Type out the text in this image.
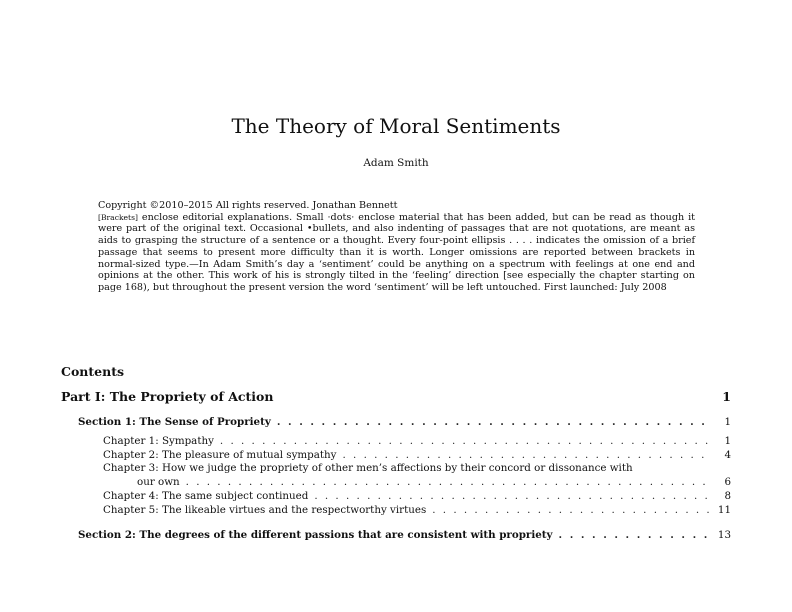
The Theory of Moral Sentiments
Adam Smith
Copyright ©2010–2015 All rights reserved. Jonathan Bennett
[Brackets] enclose editorial explanations. Small ·dots· enclose material that has been added, but can be read as though it were part of the original text. Occasional •bullets, and also indenting of passages that are not quotations, are meant as aids to grasping the structure of a sentence or a thought. Every four-point ellipsis . . . . indicates the omission of a brief passage that seems to present more difficulty than it is worth. Longer omissions are reported between brackets in normal-sized type.—In Adam Smith’s day a ‘sentiment’ could be anything on a spectrum with feelings at one end and opinions at the other. This work of his is strongly tilted in the ‘feeling’ direction [see especially the chapter starting on page 168), but throughout the present version the word ‘sentiment’ will be left untouched. First launched: July 2008
Contents
Part I: The Propriety of Action	1
Section 1: The Sense of Propriety . . .	1
Chapter 1: Sympathy . . .	1
Chapter 2: The pleasure of mutual sympathy . . .	4
Chapter 3: How we judge the propriety of other men’s affections by their concord or dissonance with
our own . . .	6
Chapter 4: The same subject continued . . .	8
Chapter 5: The likeable virtues and the respectworthy virtues . . .	11
Section 2: The degrees of the different passions that are consistent with propriety . . .	13
